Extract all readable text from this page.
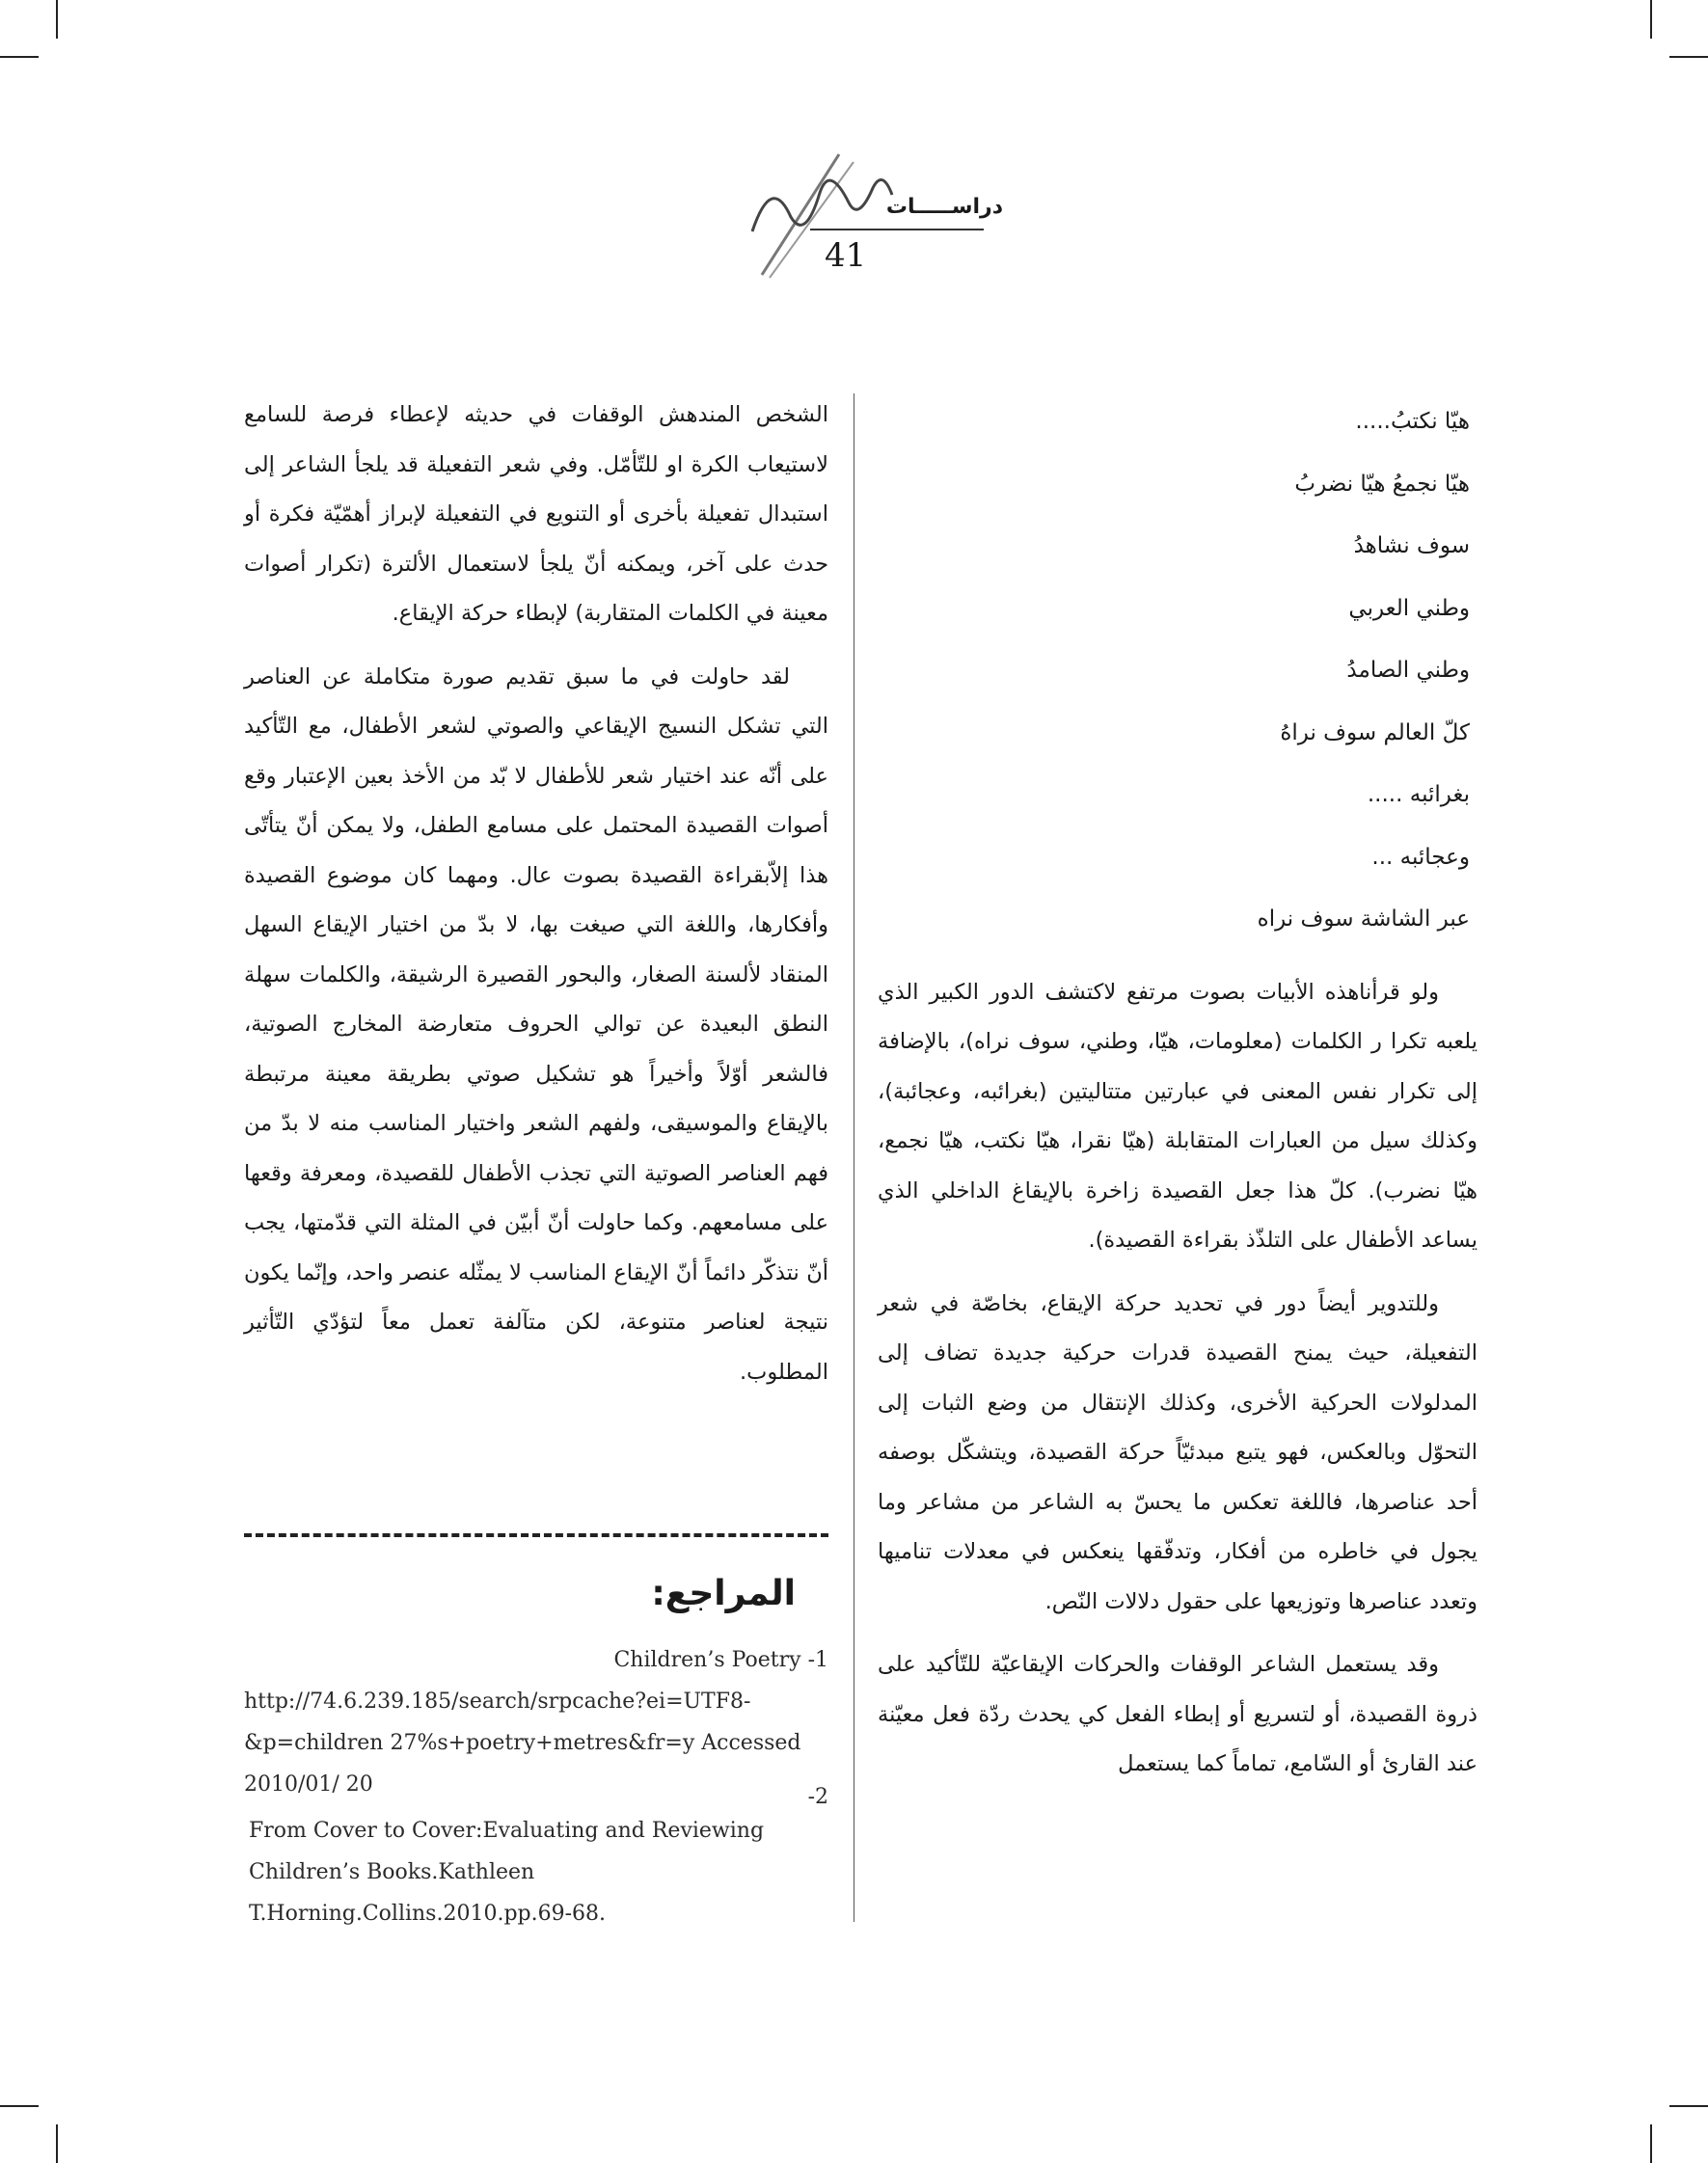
دراســـــات
41

هيّا نكتبُ.....

هيّا نجمعُ هيّا نضربُ

سوف نشاهدُ

وطني العربي

وطني الصامدُ

كلّ العالم سوف نراهُ

بغرائبه .....

وعجائبه ...

عبر الشاشة سوف نراه

ولو قرأناهذه الأبيات بصوت مرتفع لاكتشف الدور الكبير الذي يلعبه تكرا ر الكلمات (معلومات، هيّا، وطني، سوف نراه)، بالإضافة إلى تكرار نفس المعنى في عبارتين متتاليتين (بغرائبه، وعجائبة)، وكذلك سيل من العبارات المتقابلة (هيّا نقرا، هيّا نكتب، هيّا نجمع، هيّا نضرب). كلّ هذا جعل القصيدة زاخرة بالإيقاغ الداخلي الذي يساعد الأطفال على التلذّذ بقراءة القصيدة).

وللتدوير أيضاً دور في تحديد حركة الإيقاع، بخاصّة في شعر التفعيلة، حيث يمنح القصيدة قدرات حركية جديدة تضاف إلى المدلولات الحركية الأخرى، وكذلك الإنتقال من وضع الثبات إلى التحوّل وبالعكس، فهو يتبع مبدئيّاً حركة القصيدة، ويتشكّل بوصفه أحد عناصرها، فاللغة تعكس ما يحسّ به الشاعر من مشاعر وما يجول في خاطره من أفكار، وتدفّقها ينعكس في معدلات تناميها وتعدد عناصرها وتوزيعها على حقول دلالات النّص.

وقد يستعمل الشاعر الوقفات والحركات الإيقاعيّة للتّأكيد على ذروة القصيدة، أو لتسريع أو إبطاء الفعل كي يحدث ردّة فعل معيّنة عند القارئ أو السّامع، تماماً كما يستعمل

الشخص المندهش الوقفات في حديثه لإعطاء فرصة للسامع لاستيعاب الكرة او للتّأمّل. وفي شعر التفعيلة قد يلجأ الشاعر إلى استبدال تفعيلة بأخرى أو التنويع في التفعيلة لإبراز أهمّيّة فكرة أو حدث على آخر، ويمكنه أنّ يلجأ لاستعمال الألترة (تكرار أصوات معينة في الكلمات المتقاربة) لإبطاء حركة الإيقاع.

لقد حاولت في ما سبق تقديم صورة متكاملة عن العناصر التي تشكل النسيج الإيقاعي والصوتي لشعر الأطفال، مع التّأكيد على أنّه عند اختيار شعر للأطفال لا بّد من الأخذ بعين الإعتبار وقع أصوات القصيدة المحتمل على مسامع الطفل، ولا يمكن أنّ يتأتّى هذا إلاّبقراءة القصيدة بصوت عال. ومهما كان موضوع القصيدة وأفكارها، واللغة التي صيغت بها، لا بدّ من اختيار الإيقاع السهل المنقاد لألسنة الصغار، والبحور القصيرة الرشيقة، والكلمات سهلة النطق البعيدة عن توالي الحروف متعارضة المخارج الصوتية، فالشعر أوّلاً وأخيراً هو تشكيل صوتي بطريقة معينة مرتبطة بالإيقاع والموسيقى، ولفهم الشعر واختيار المناسب منه لا بدّ من فهم العناصر الصوتية التي تجذب الأطفال للقصيدة، ومعرفة وقعها على مسامعهم. وكما حاولت أنّ أبيّن في المثلة التي قدّمتها، يجب أنّ نتذكّر دائماً أنّ الإيقاع المناسب لا يمثّله عنصر واحد، وإنّما يكون نتيجة لعناصر متنوعة، لكن متآلفة تعمل معاً لتؤدّي التّأثير المطلوب.

المراجع:
Children’s Poetry -1
http://74.6.239.185/search/srpcache?ei=UTF8-&p=children 27%s+poetry+metres&fr=y Accessed 2010/01/ 20
-2
From Cover to Cover:Evaluating and Reviewing Children’s Books.Kathleen T.Horning.Collins.2010.pp.69-68.
